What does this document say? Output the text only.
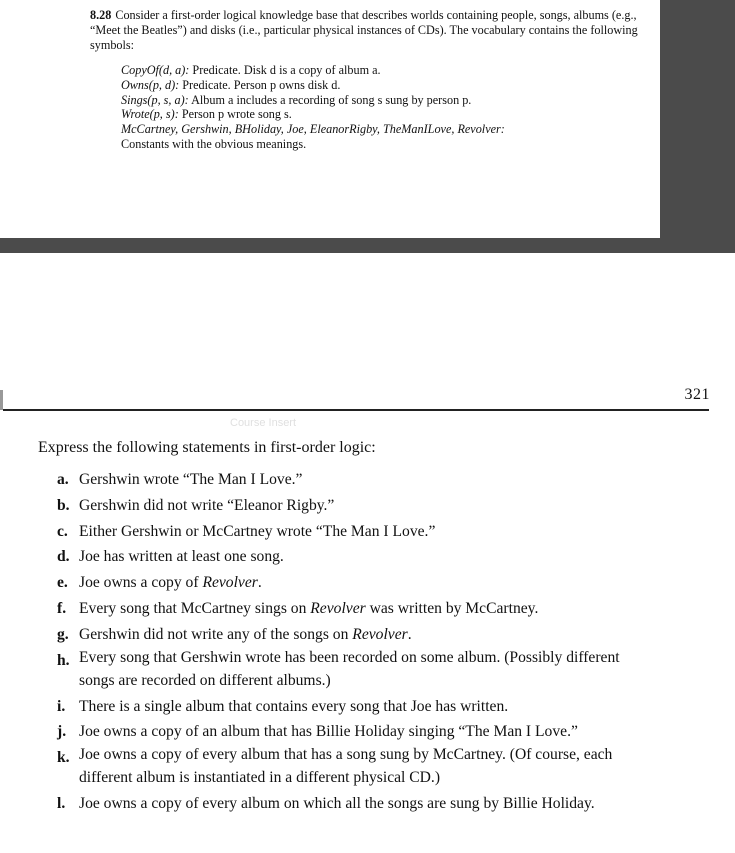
8.28 Consider a first-order logical knowledge base that describes worlds containing people, songs, albums (e.g., “Meet the Beatles”) and disks (i.e., particular physical instances of CDs). The vocabulary contains the following symbols:

CopyOf(d, a): Predicate. Disk d is a copy of album a.
Owns(p, d): Predicate. Person p owns disk d.
Sings(p, s, a): Album a includes a recording of song s sung by person p.
Wrote(p, s): Person p wrote song s.
McCartney, Gershwin, BHoliday, Joe, EleanorRigby, TheManILove, Revolver:
Constants with the obvious meanings.
321
Course Insert
Express the following statements in first-order logic:
a. Gershwin wrote “The Man I Love.”
b. Gershwin did not write “Eleanor Rigby.”
c. Either Gershwin or McCartney wrote “The Man I Love.”
d. Joe has written at least one song.
e. Joe owns a copy of Revolver.
f. Every song that McCartney sings on Revolver was written by McCartney.
g. Gershwin did not write any of the songs on Revolver.
h. Every song that Gershwin wrote has been recorded on some album. (Possibly different
songs are recorded on different albums.)
i. There is a single album that contains every song that Joe has written.
j. Joe owns a copy of an album that has Billie Holiday singing “The Man I Love.”
k. Joe owns a copy of every album that has a song sung by McCartney. (Of course, each
different album is instantiated in a different physical CD.)
l. Joe owns a copy of every album on which all the songs are sung by Billie Holiday.
